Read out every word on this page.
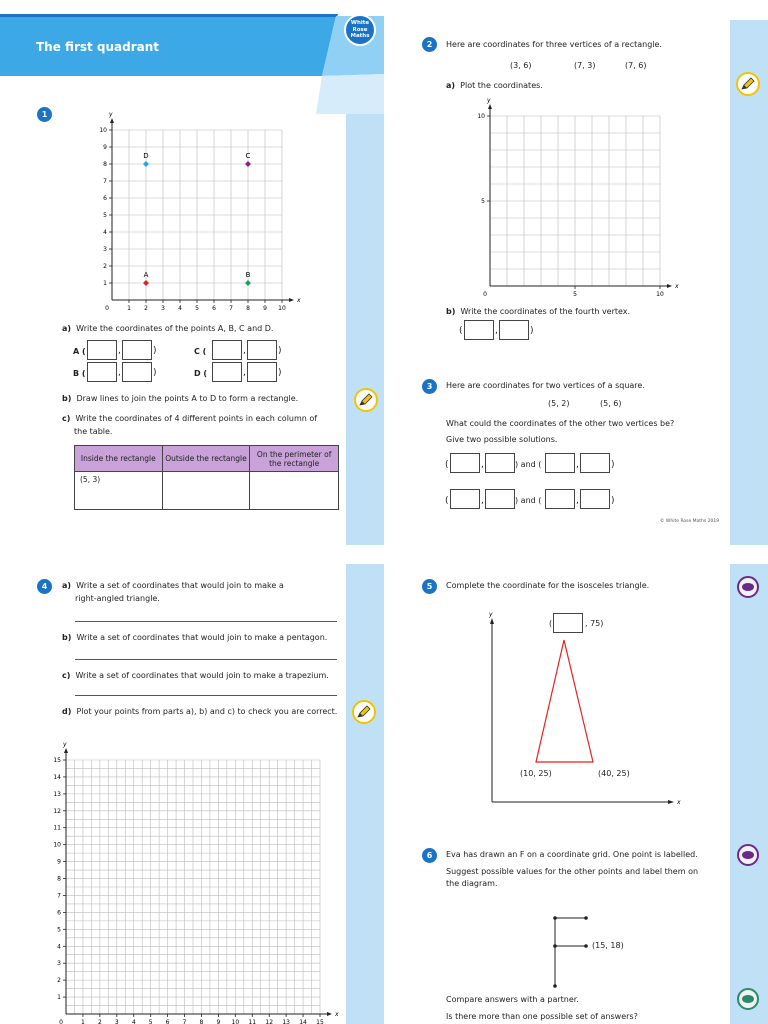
The first quadrant
White
Rose
Maths
1
x
y
1 2 3 4 5 6 7 8 9 10
1
2
3
4
5
6
7
8
9
10
0
A	B
C
D
a) Write the coordinates of the points A, B, C and D.
A (	,	)	C (	,	)
B (	,	)	D (	,	)
b) Draw lines to join the points A to D to form a rectangle.
c) Write the coordinates of 4 different points in each column of
the table.
Inside the rectangle	Outside the rectangle	On the perimeter of the rectangle
(5, 3)		
2	Here are coordinates for three vertices of a rectangle.
(3, 6)	(7, 3)	(7, 6)
a) Plot the coordinates.
x
y
5	10
5
10
0
b) Write the coordinates of the fourth vertex.
(	,	)
3	Here are coordinates for two vertices of a square.
(5, 2)	(5, 6)
What could the coordinates of the other two vertices be?
Give two possible solutions.
(	,	) and (	,	)
(	,	) and (	,	)
© White Rose Maths 2019
4	a) Write a set of coordinates that would join to make a
right-angled triangle.
b) Write a set of coordinates that would join to make a pentagon.
c) Write a set of coordinates that would join to make a trapezium.
d) Plot your points from parts a), b) and c) to check you are correct.
x
y
1 2 3 4 5 6 7 8 9 10 11 12 13 14 15
1
2
3
4
5
6
7
8
9
10
11
12
13
14
15
0
5	Complete the coordinate for the isosceles triangle.
x
y
(	, 75)
(10, 25)	(40, 25)
6	Eva has drawn an F on a coordinate grid. One point is labelled.
Suggest possible values for the other points and label them on
the diagram.
(15, 18)
Compare answers with a partner.
Is there more than one possible set of answers?
